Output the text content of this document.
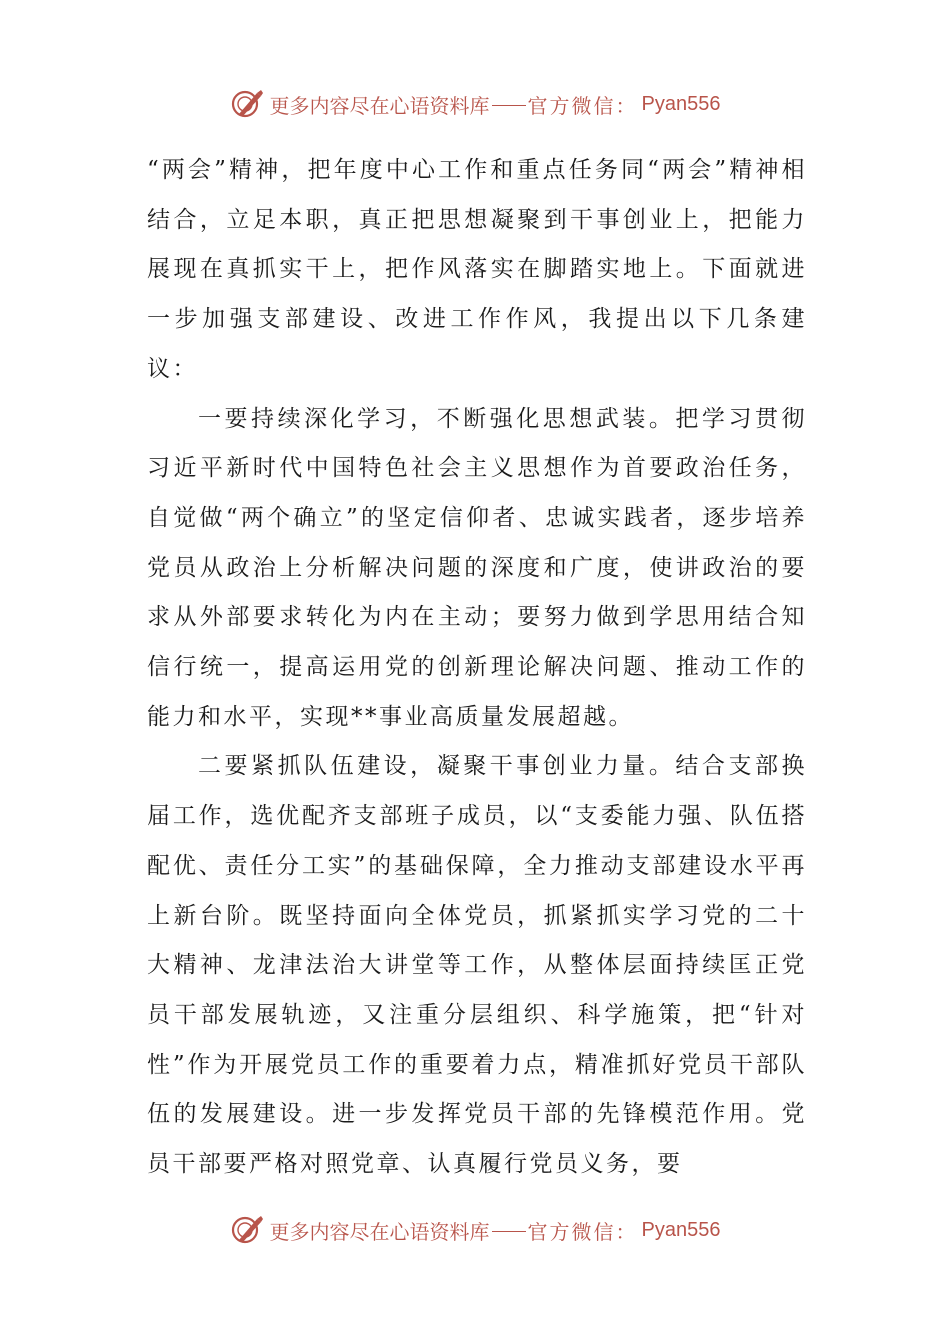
更多内容尽在心语资料库 官方微信： Pyan556

“两会”精神，把年度中心工作和重点任务同“两会”精神相结合，立足本职，真正把思想凝聚到干事创业上，把能力展现在真抓实干上，把作风落实在脚踏实地上。下面就进一步加强支部建设、改进工作作风，我提出以下几条建议：

一要持续深化学习，不断强化思想武装。把学习贯彻习近平新时代中国特色社会主义思想作为首要政治任务，自觉做“两个确立”的坚定信仰者、忠诚实践者，逐步培养党员从政治上分析解决问题的深度和广度，使讲政治的要求从外部要求转化为内在主动；要努力做到学思用结合知信行统一，提高运用党的创新理论解决问题、推动工作的能力和水平，实现**事业高质量发展超越。

二要紧抓队伍建设，凝聚干事创业力量。结合支部换届工作，选优配齐支部班子成员，以“支委能力强、队伍搭配优、责任分工实”的基础保障，全力推动支部建设水平再上新台阶。既坚持面向全体党员，抓紧抓实学习党的二十大精神、龙津法治大讲堂等工作，从整体层面持续匡正党员干部发展轨迹，又注重分层组织、科学施策，把“针对性”作为开展党员工作的重要着力点，精准抓好党员干部队伍的发展建设。进一步发挥党员干部的先锋模范作用。党员干部要严格对照党章、认真履行党员义务，要

更多内容尽在心语资料库 官方微信： Pyan556
